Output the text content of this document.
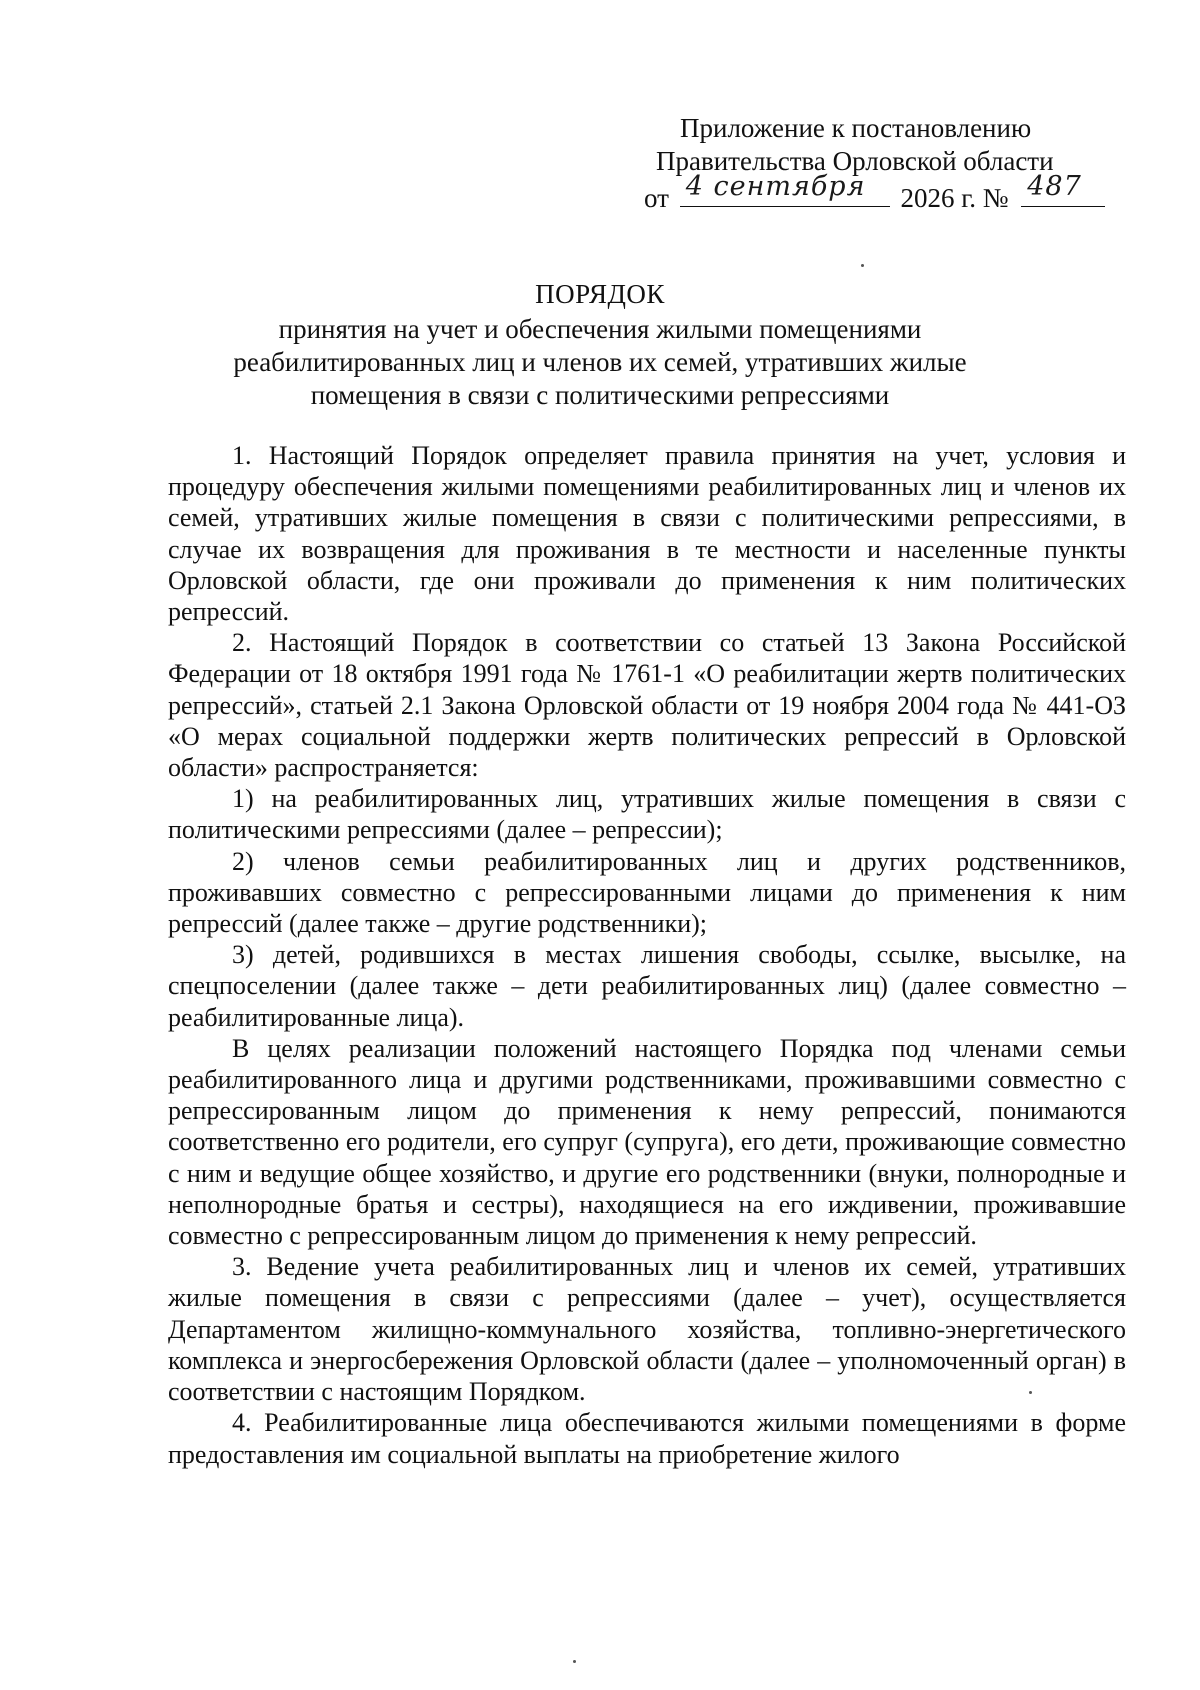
Приложение к постановлению
Правительства Орловской области
от 4 сентября 2026 г. № 487
ПОРЯДОК
принятия на учет и обеспечения жилыми помещениями
реабилитированных лиц и членов их семей, утративших жилые
помещения в связи с политическими репрессиями

1. Настоящий Порядок определяет правила принятия на учет, условия и процедуру обеспечения жилыми помещениями реабилитированных лиц и членов их семей, утративших жилые помещения в связи с политическими репрессиями, в случае их возвращения для проживания в те местности и населенные пункты Орловской области, где они проживали до применения к ним политических репрессий.

2. Настоящий Порядок в соответствии со статьей 13 Закона Российской Федерации от 18 октября 1991 года № 1761-1 «О реабилитации жертв политических репрессий», статьей 2.1 Закона Орловской области от 19 ноября 2004 года № 441-ОЗ «О мерах социальной поддержки жертв политических репрессий в Орловской области» распространяется:

1) на реабилитированных лиц, утративших жилые помещения в связи с политическими репрессиями (далее – репрессии);

2) членов семьи реабилитированных лиц и других родственников, проживавших совместно с репрессированными лицами до применения к ним репрессий (далее также – другие родственники);

3) детей, родившихся в местах лишения свободы, ссылке, высылке, на спецпоселении (далее также – дети реабилитированных лиц) (далее совместно – реабилитированные лица).

В целях реализации положений настоящего Порядка под членами семьи реабилитированного лица и другими родственниками, проживавшими совместно с репрессированным лицом до применения к нему репрессий, понимаются соответственно его родители, его супруг (супруга), его дети, проживающие совместно с ним и ведущие общее хозяйство, и другие его родственники (внуки, полнородные и неполнородные братья и сестры), находящиеся на его иждивении, проживавшие совместно с репрессированным лицом до применения к нему репрессий.

3. Ведение учета реабилитированных лиц и членов их семей, утративших жилые помещения в связи с репрессиями (далее – учет), осуществляется Департаментом жилищно-коммунального хозяйства, топливно-энергетического комплекса и энергосбережения Орловской области (далее – уполномоченный орган) в соответствии с настоящим Порядком.

4. Реабилитированные лица обеспечиваются жилыми помещениями в форме предоставления им социальной выплаты на приобретение жилого
